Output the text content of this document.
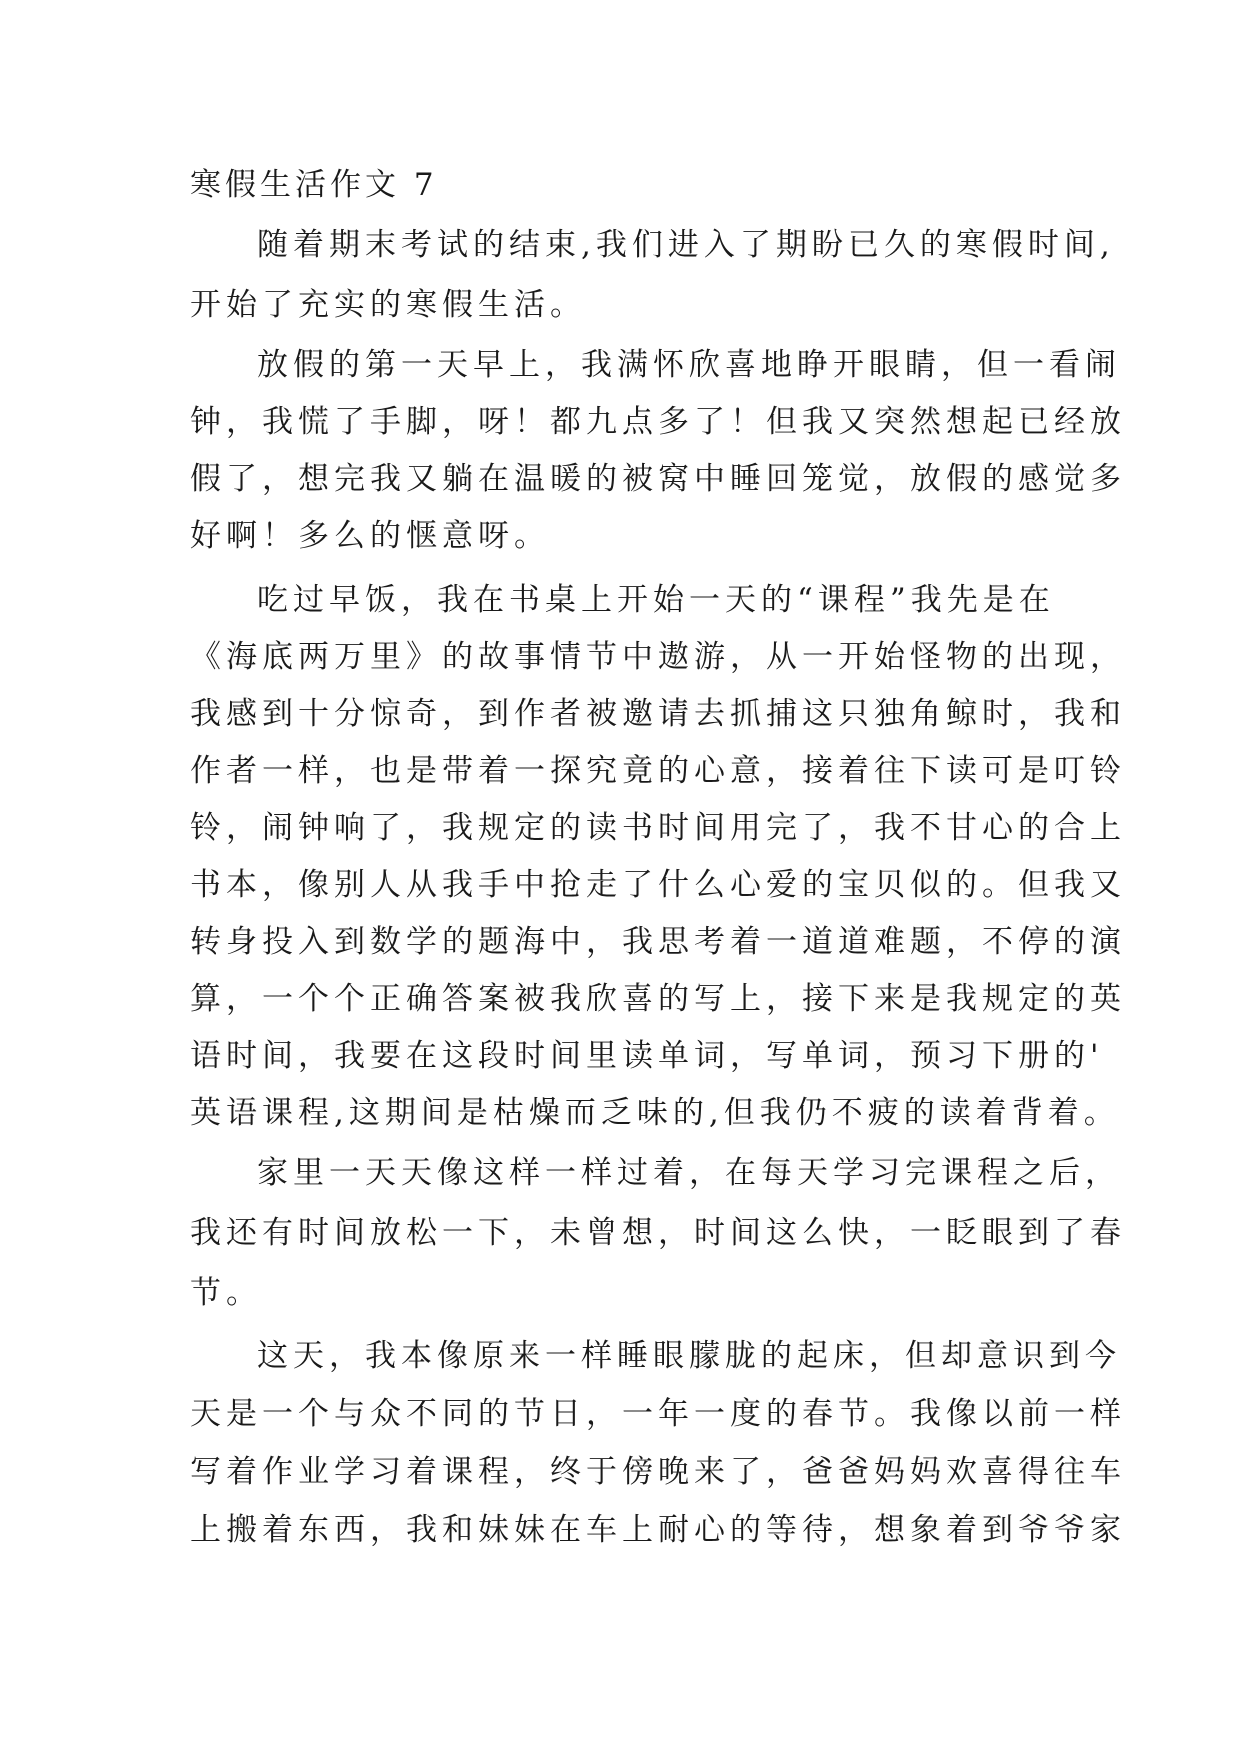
寒假生活作文 7
随着期末考试的结束,我们进入了期盼已久的寒假时间,
开始了充实的寒假生活。
放假的第一天早上，我满怀欣喜地睁开眼睛，但一看闹
钟，我慌了手脚，呀！都九点多了！但我又突然想起已经放
假了，想完我又躺在温暖的被窝中睡回笼觉，放假的感觉多
好啊！多么的惬意呀。
吃过早饭，我在书桌上开始一天的“课程”我先是在
《海底两万里》的故事情节中遨游，从一开始怪物的出现，
我感到十分惊奇，到作者被邀请去抓捕这只独角鲸时，我和
作者一样，也是带着一探究竟的心意，接着往下读可是叮铃
铃，闹钟响了，我规定的读书时间用完了，我不甘心的合上
书本，像别人从我手中抢走了什么心爱的宝贝似的。但我又
转身投入到数学的题海中，我思考着一道道难题，不停的演
算，一个个正确答案被我欣喜的写上，接下来是我规定的英
语时间，我要在这段时间里读单词，写单词，预习下册的'
英语课程,这期间是枯燥而乏味的,但我仍不疲的读着背着。
家里一天天像这样一样过着，在每天学习完课程之后，
我还有时间放松一下，未曾想，时间这么快，一眨眼到了春
节。
这天，我本像原来一样睡眼朦胧的起床，但却意识到今
天是一个与众不同的节日，一年一度的春节。我像以前一样
写着作业学习着课程，终于傍晚来了，爸爸妈妈欢喜得往车
上搬着东西，我和妹妹在车上耐心的等待，想象着到爷爷家
